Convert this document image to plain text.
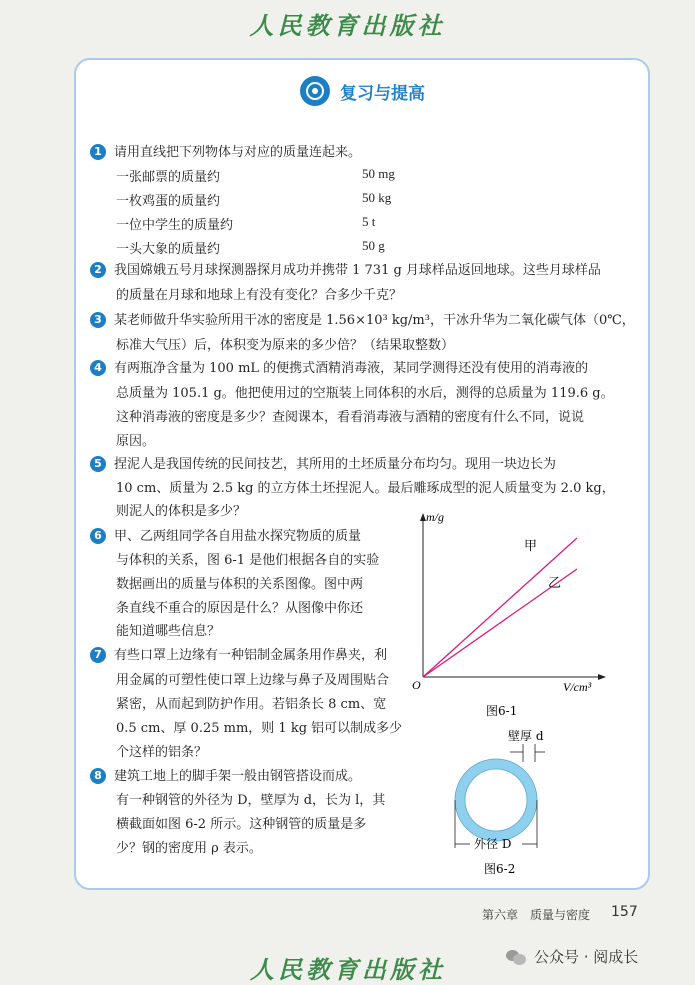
人民教育出版社
复习与提高
1 请用直线把下列物体与对应的质量连起来。
一张邮票的质量约	50 mg
一枚鸡蛋的质量约	50 kg
一位中学生的质量约	5 t
一头大象的质量约	50 g
2 我国嫦娥五号月球探测器探月成功并携带 1 731 g 月球样品返回地球。这些月球样品
的质量在月球和地球上有没有变化？合多少千克？
3 某老师做升华实验所用干冰的密度是 1.56×10³ kg/m³，干冰升华为二氧化碳气体（0℃，
标准大气压）后，体积变为原来的多少倍？（结果取整数）
4 有两瓶净含量为 100 mL 的便携式酒精消毒液，某同学测得还没有使用的消毒液的
总质量为 105.1 g。他把使用过的空瓶装上同体积的水后，测得的总质量为 119.6 g。
这种消毒液的密度是多少？查阅课本，看看消毒液与酒精的密度有什么不同，说说
原因。
5 捏泥人是我国传统的民间技艺，其所用的土坯质量分布均匀。现用一块边长为
10 cm、质量为 2.5 kg 的立方体土坯捏泥人。最后雕琢成型的泥人质量变为 2.0 kg，
则泥人的体积是多少？
6 甲、乙两组同学各自用盐水探究物质的质量
与体积的关系，图 6-1 是他们根据各自的实验
数据画出的质量与体积的关系图像。图中两
条直线不重合的原因是什么？从图像中你还
能知道哪些信息？
7 有些口罩上边缘有一种铝制金属条用作鼻夹，利
用金属的可塑性使口罩上边缘与鼻子及周围贴合
紧密，从而起到防护作用。若铝条长 8 cm、宽
0.5 cm、厚 0.25 mm，则 1 kg 铝可以制成多少
个这样的铝条？
8 建筑工地上的脚手架一般由钢管搭设而成。
有一种钢管的外径为 D，壁厚为 d，长为 l，其
横截面如图 6-2 所示。这种钢管的质量是多
少？钢的密度用 ρ 表示。
m/g
V/cm³
O
甲
乙
图6-1
壁厚 d
外径 D
图6-2
第六章　质量与密度 157
人民教育出版社	公众号 · 阅成长
